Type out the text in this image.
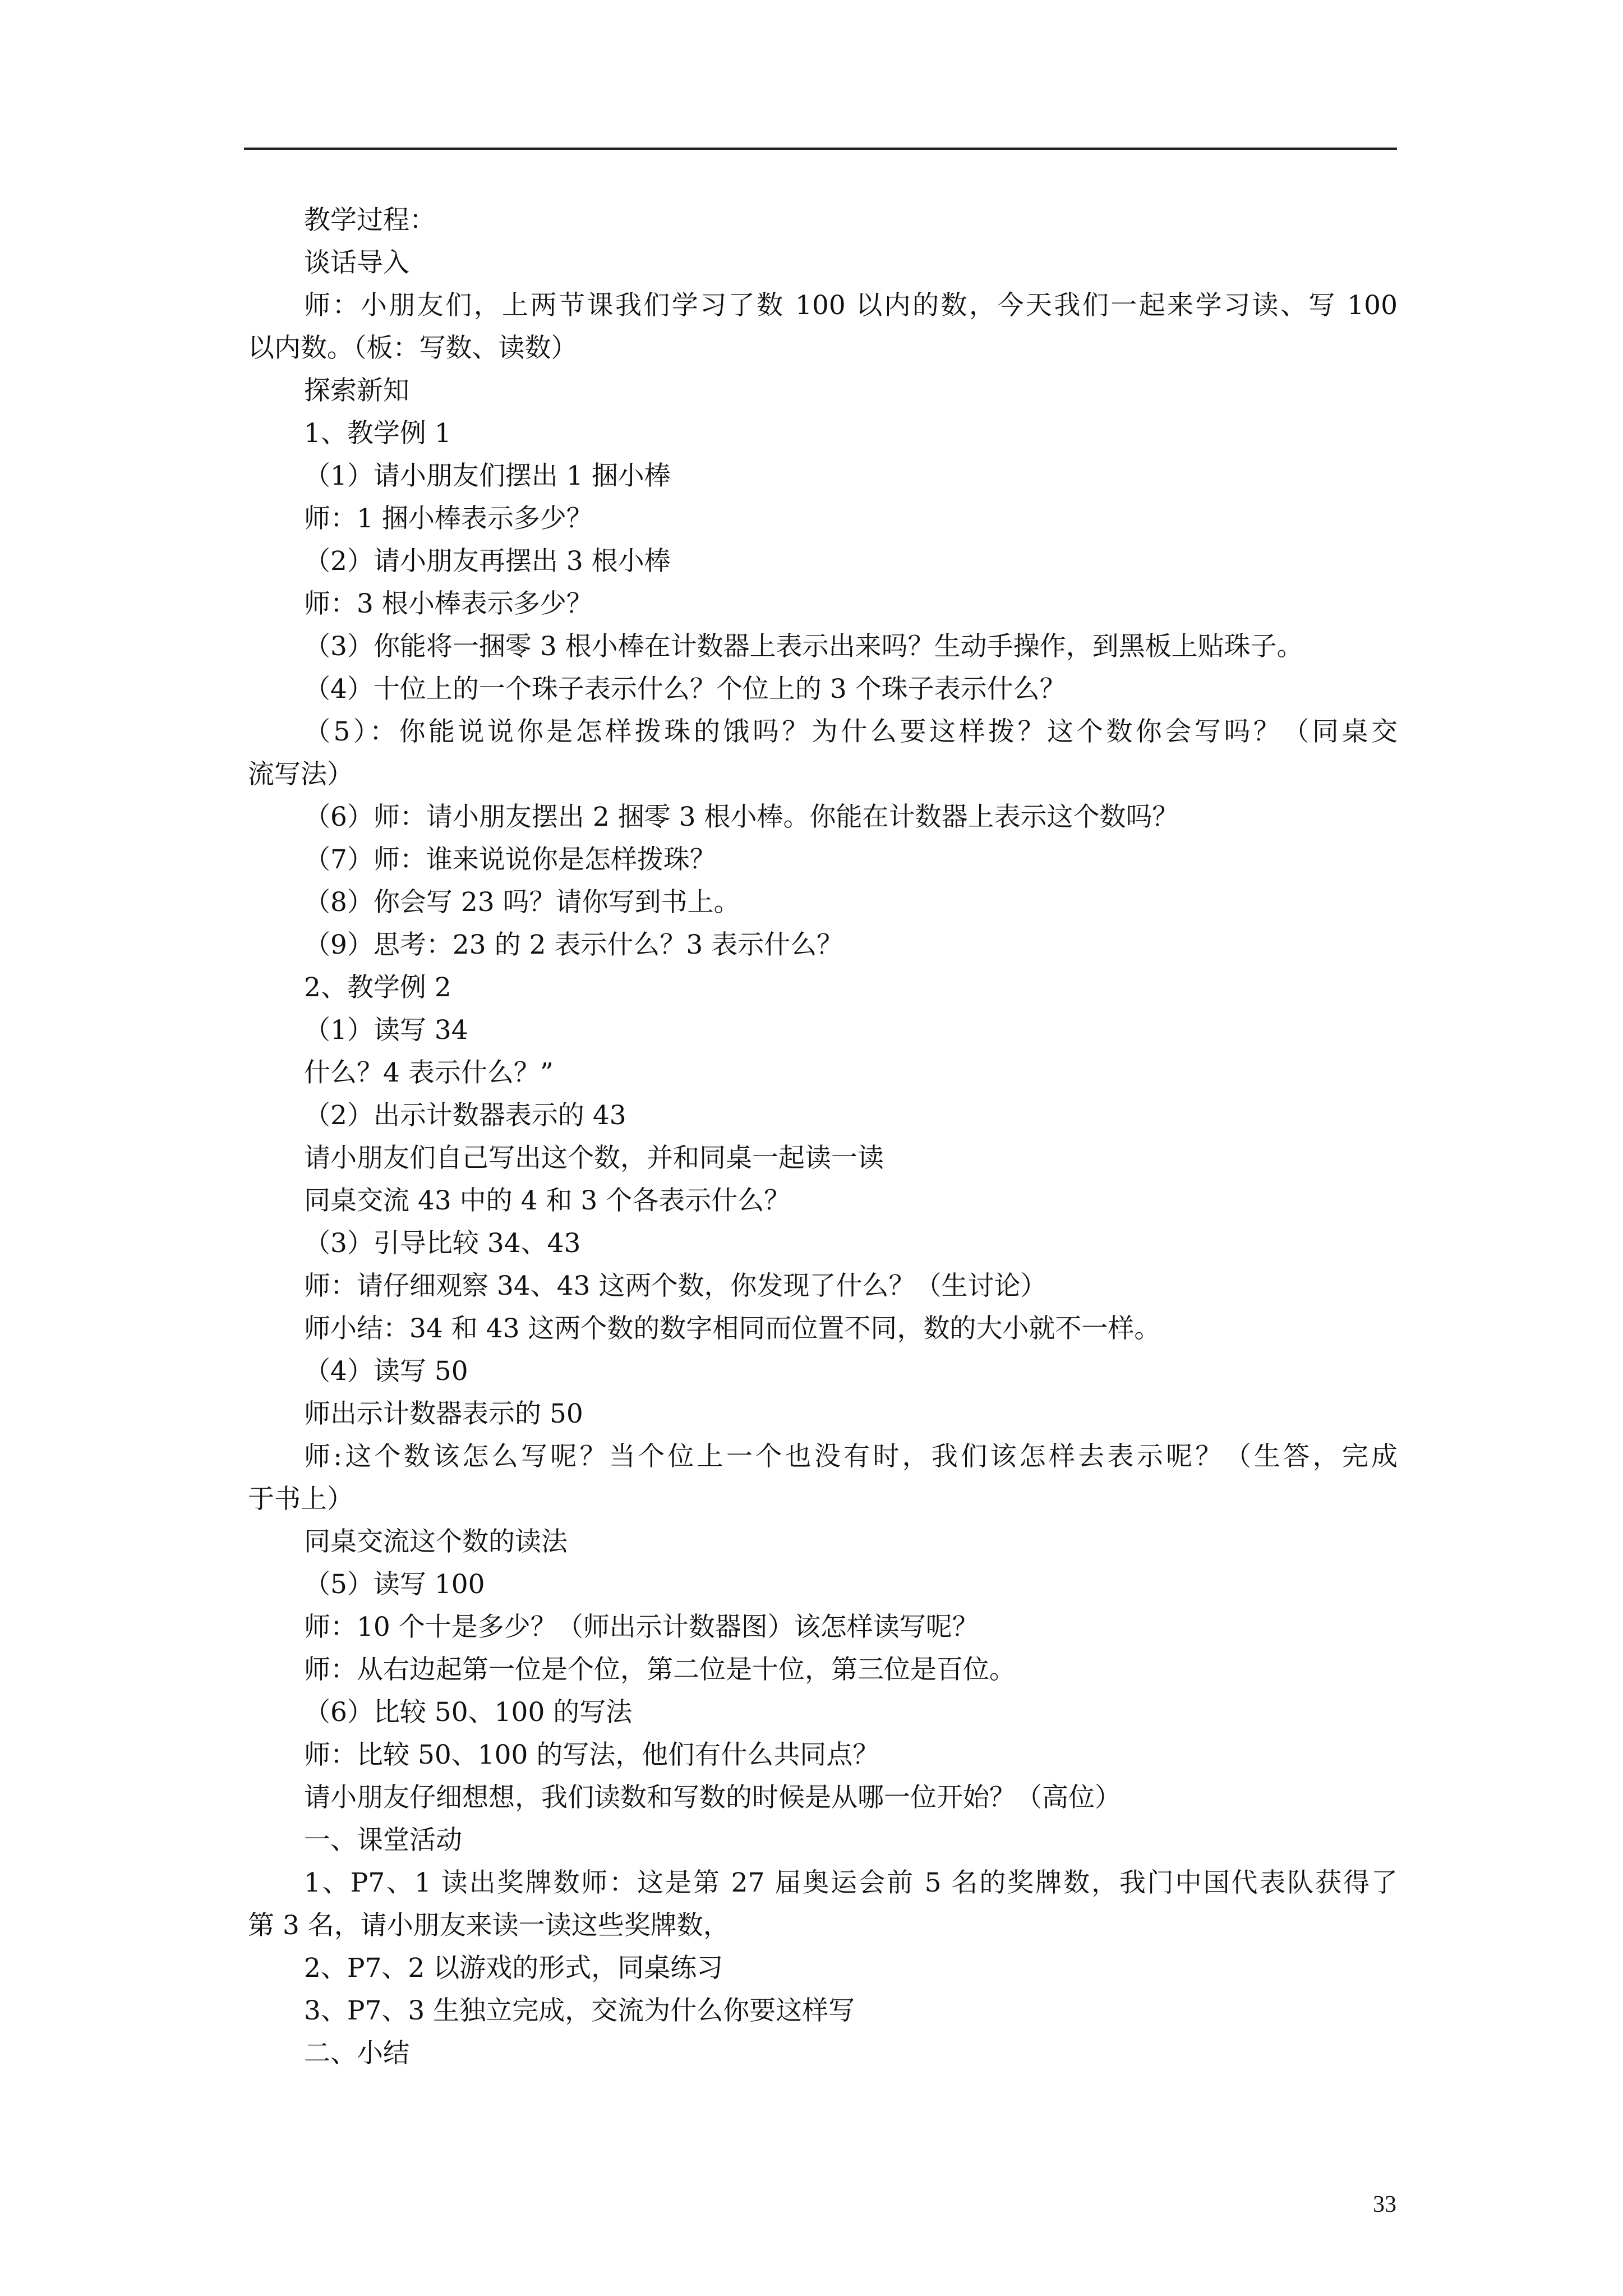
教学过程：
谈话导入
师：小朋友们，上两节课我们学习了数 100 以内的数，今天我们一起来学习读、写 100
以内数。（板：写数、读数）
探索新知
1、教学例 1
（1）请小朋友们摆出 1 捆小棒
师：1 捆小棒表示多少？
（2）请小朋友再摆出 3 根小棒
师：3 根小棒表示多少？
（3）你能将一捆零 3 根小棒在计数器上表示出来吗？生动手操作，到黑板上贴珠子。
（4）十位上的一个珠子表示什么？个位上的 3 个珠子表示什么？
（5）：你能说说你是怎样拨珠的饿吗？为什么要这样拨？这个数你会写吗？（同桌交
流写法）
（6）师：请小朋友摆出 2 捆零 3 根小棒。你能在计数器上表示这个数吗？
（7）师：谁来说说你是怎样拨珠？
（8）你会写 23 吗？请你写到书上。
（9）思考：23 的 2 表示什么？3 表示什么？
2、教学例 2
（1）读写 34
什么？4 表示什么？”
（2）出示计数器表示的 43
请小朋友们自己写出这个数，并和同桌一起读一读
同桌交流 43 中的 4 和 3 个各表示什么？
（3）引导比较 34、43
师：请仔细观察 34、43 这两个数，你发现了什么？（生讨论）
师小结：34 和 43 这两个数的数字相同而位置不同，数的大小就不一样。
（4）读写 50
师出示计数器表示的 50
师:这个数该怎么写呢？当个位上一个也没有时，我们该怎样去表示呢？（生答，完成
于书上）
同桌交流这个数的读法
（5）读写 100
师：10 个十是多少？（师出示计数器图）该怎样读写呢？
师：从右边起第一位是个位，第二位是十位，第三位是百位。
（6）比较 50、100 的写法
师：比较 50、100 的写法，他们有什么共同点？
请小朋友仔细想想，我们读数和写数的时候是从哪一位开始？（高位）
一、课堂活动
1、P7、1 读出奖牌数师：这是第 27 届奥运会前 5 名的奖牌数，我门中国代表队获得了
第 3 名，请小朋友来读一读这些奖牌数，
2、P7、2 以游戏的形式，同桌练习
3、P7、3 生独立完成，交流为什么你要这样写
二、小结
33
